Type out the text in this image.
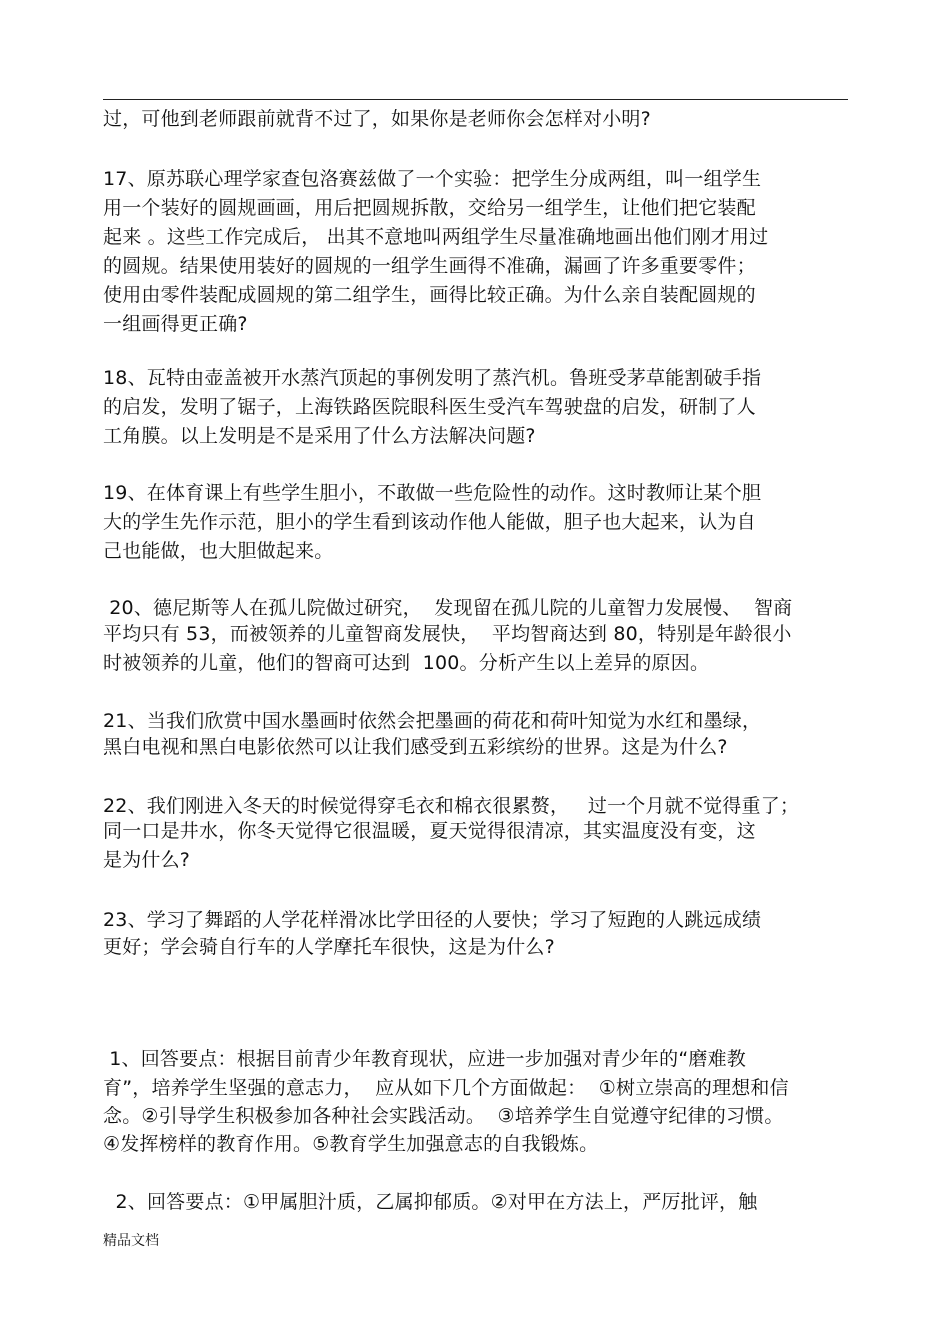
过，可他到老师跟前就背不过了，如果你是老师你会怎样对小明?
17、原苏联心理学家查包洛赛兹做了一个实验：把学生分成两组，叫一组学生
用一个装好的圆规画画，用后把圆规拆散，交给另一组学生，让他们把它装配
起来 。这些工作完成后， 出其不意地叫两组学生尽量准确地画出他们刚才用过
的圆规。结果使用装好的圆规的一组学生画得不准确，漏画了许多重要零件；
使用由零件装配成圆规的第二组学生，画得比较正确。为什么亲自装配圆规的
一组画得更正确?
18、瓦特由壶盖被开水蒸汽顶起的事例发明了蒸汽机。鲁班受茅草能割破手指
的启发，发明了锯子，上海铁路医院眼科医生受汽车驾驶盘的启发，研制了人
工角膜。以上发明是不是采用了什么方法解决问题?
19、在体育课上有些学生胆小，不敢做一些危险性的动作。这时教师让某个胆
大的学生先作示范，胆小的学生看到该动作他人能做，胆子也大起来，认为自
己也能做，也大胆做起来。
20、德尼斯等人在孤儿院做过研究，  发现留在孤儿院的儿童智力发展慢、  智商
平均只有 53，而被领养的儿童智商发展快，  平均智商达到 80，特别是年龄很小
时被领养的儿童，他们的智商可达到  100。分析产生以上差异的原因。
21、当我们欣赏中国水墨画时依然会把墨画的荷花和荷叶知觉为水红和墨绿，
黑白电视和黑白电影依然可以让我们感受到五彩缤纷的世界。这是为什么?
22、我们刚进入冬天的时候觉得穿毛衣和棉衣很累赘，   过一个月就不觉得重了；
同一口是井水，你冬天觉得它很温暖，夏天觉得很清凉，其实温度没有变，这
是为什么?
23、学习了舞蹈的人学花样滑冰比学田径的人要快；学习了短跑的人跳远成绩
更好；学会骑自行车的人学摩托车很快，这是为什么?
1、回答要点：根据目前青少年教育现状，应进一步加强对青少年的“磨难教
育”，培养学生坚强的意志力，  应从如下几个方面做起：  ①树立崇高的理想和信
念。②引导学生积极参加各种社会实践活动。  ③培养学生自觉遵守纪律的习惯。
④发挥榜样的教育作用。⑤教育学生加强意志的自我锻炼。
2、回答要点：①甲属胆汁质，乙属抑郁质。②对甲在方法上，严厉批评，触
精品文档
